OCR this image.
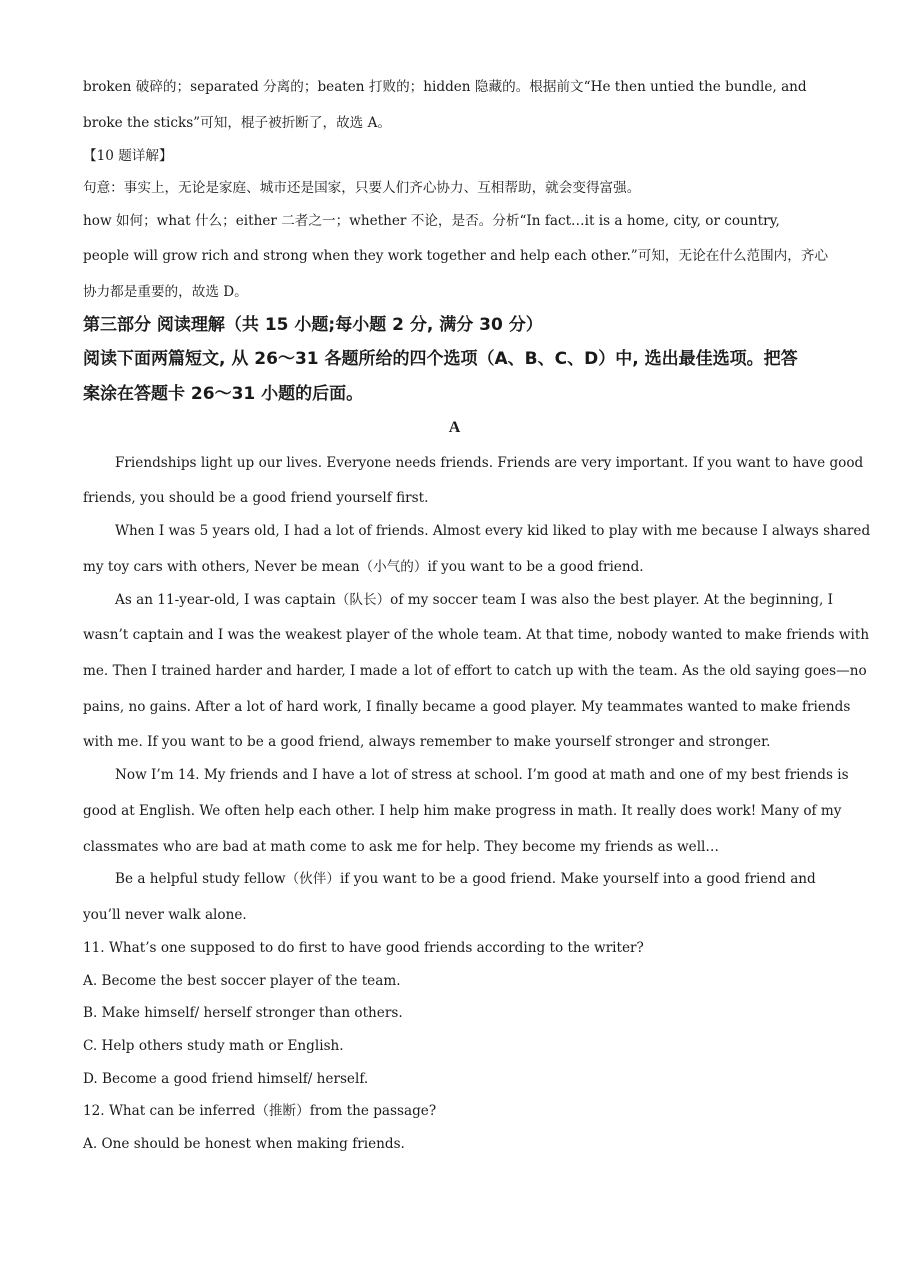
broken 破碎的；separated 分离的；beaten 打败的；hidden 隐藏的。根据前文“He then untied the bundle, and
broke the sticks”可知，棍子被折断了，故选 A。
【10 题详解】
句意：事实上，无论是家庭、城市还是国家，只要人们齐心协力、互相帮助，就会变得富强。
how 如何；what 什么；either 二者之一；whether 不论，是否。分析“In fact…it is a home, city, or country,
people will grow rich and strong when they work together and help each other.”可知，无论在什么范围内，齐心
协力都是重要的，故选 D。
第三部分 阅读理解（共 15 小题;每小题 2 分, 满分 30 分）
阅读下面两篇短文, 从 26～31 各题所给的四个选项（A、B、C、D）中, 选出最佳选项。把答
案涂在答题卡 26～31 小题的后面。
A
Friendships light up our lives. Everyone needs friends. Friends are very important. If you want to have good
friends, you should be a good friend yourself first.
When I was 5 years old, I had a lot of friends. Almost every kid liked to play with me because I always shared
my toy cars with others, Never be mean（小气的）if you want to be a good friend.
As an 11-year-old, I was captain（队长）of my soccer team I was also the best player. At the beginning, I
wasn’t captain and I was the weakest player of the whole team. At that time, nobody wanted to make friends with
me. Then I trained harder and harder, I made a lot of effort to catch up with the team. As the old saying goes—no
pains, no gains. After a lot of hard work, I finally became a good player. My teammates wanted to make friends
with me. If you want to be a good friend, always remember to make yourself stronger and stronger.
Now I’m 14. My friends and I have a lot of stress at school. I’m good at math and one of my best friends is
good at English. We often help each other. I help him make progress in math. It really does work! Many of my
classmates who are bad at math come to ask me for help. They become my friends as well…
Be a helpful study fellow（伙伴）if you want to be a good friend. Make yourself into a good friend and
you’ll never walk alone.
11. What’s one supposed to do first to have good friends according to the writer?
A. Become the best soccer player of the team.
B. Make himself/ herself stronger than others.
C. Help others study math or English.
D. Become a good friend himself/ herself.
12. What can be inferred（推断）from the passage?
A. One should be honest when making friends.
